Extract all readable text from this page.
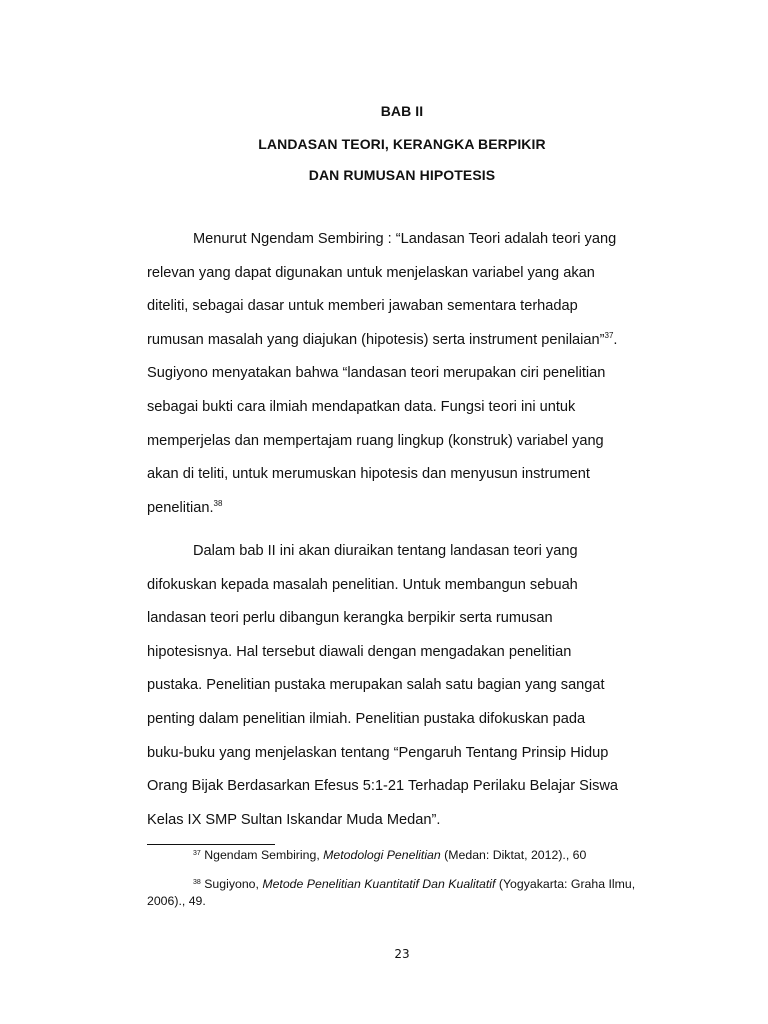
BAB II
LANDASAN TEORI, KERANGKA BERPIKIR
DAN RUMUSAN HIPOTESIS
Menurut Ngendam Sembiring : “Landasan Teori adalah teori yang
relevan yang dapat digunakan untuk menjelaskan variabel yang akan
diteliti, sebagai dasar untuk memberi jawaban sementara terhadap
rumusan masalah yang diajukan (hipotesis) serta instrument penilaian”$^{37}$.
Sugiyono menyatakan bahwa “landasan teori merupakan ciri penelitian
sebagai bukti cara ilmiah mendapatkan data. Fungsi teori ini untuk
memperjelas dan mempertajam ruang lingkup (konstruk) variabel yang
akan di teliti, untuk merumuskan hipotesis dan menyusun instrument
penelitian.$^{38}$
Dalam bab II ini akan diuraikan tentang landasan teori yang
difokuskan kepada masalah penelitian. Untuk membangun sebuah
landasan teori perlu dibangun kerangka berpikir serta rumusan
hipotesisnya. Hal tersebut diawali dengan mengadakan penelitian
pustaka. Penelitian pustaka merupakan salah satu bagian yang sangat
penting dalam penelitian ilmiah. Penelitian pustaka difokuskan pada
buku-buku yang menjelaskan tentang “Pengaruh Tentang Prinsip Hidup
Orang Bijak Berdasarkan Efesus 5:1-21 Terhadap Perilaku Belajar Siswa
Kelas IX SMP Sultan Iskandar Muda Medan”.
$^{37}$ Ngendam Sembiring, Metodologi Penelitian (Medan: Diktat, 2012)., 60
$^{38}$ Sugiyono, Metode Penelitian Kuantitatif Dan Kualitatif (Yogyakarta: Graha Ilmu,
2006)., 49.
23
